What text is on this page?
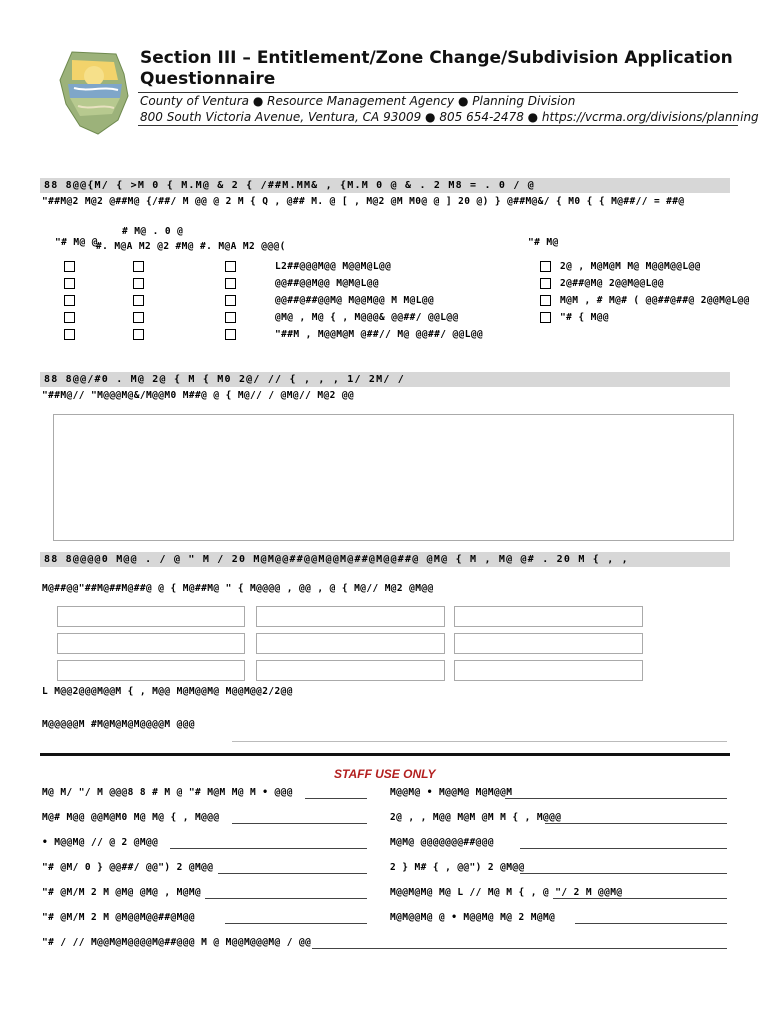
Section III – Entitlement/Zone Change/Subdivision Application
Questionnaire
County of Ventura ● Resource Management Agency ● Planning Division
800 South Victoria Avenue, Ventura, CA 93009 ● 805 654-2478 ● https://vcrma.org/divisions/planning
88 8@@{M/ { >M 0 { M.M@ & 2 { /##M.MM& , {M.M 0 @ & . 2 M8 = . 0 / @
"##M@2 M@2 @##M@ {/##/ M @@ @ 2 M { Q , @## M. @ [ , M@2 @M M0@ @ ] 20 @) } @##M@&/ { M0 { { M@##// = ##@
"# M@ @
# M@ . 0 @
#. M@A M2 @2 #M@ #. M@A M2 @@@(	"# M@
L2##@@@M@@ M@@M@L@@
@@##@@M@@ M@M@L@@
@@##@##@@M@ M@@M@@ M M@L@@
@M@ , M@ { , M@@@& @@##/ @@L@@
"##M , M@@M@M @##// M@ @@##/ @@L@@
2@ , M@M@M M@ M@@M@@L@@
2@##@M@ 2@@M@@L@@
M@M , # M@# ( @@##@##@ 2@@M@L@@
"# { M@@
88 8@@/#0 . M@ 2@ { M { M0 2@/ // { , , , 1/ 2M/ /
"##M@// "M@@@M@&/M@@M0 M##@ @ { M@// / @M@// M@2 @@
88 8@@@@0 M@@ . / @ " M / 20 M@M@@##@@M@@M@##@M@@##@ @M@ { M , M@ @# . 20 M { , ,
M@##@@"##M@##M@##@ @ { M@##M@ " { M@@@@ , @@ , @ { M@// M@2 @M@@
L M@@2@@@M@@M { , M@@ M@M@@M@ M@@M@@2/2@@
M@@@@@M #M@M@M@M@@@@M @@@
STAFF USE ONLY
M@ M/ "/ M @@@8 8 # M @ "# M@M M@ M • @@@
M@# M@@ @@M@M0 M@ M@ { , M@@@
• M@@M@ // @ 2 @M@@
"# @M/ 0 } @@##/ @@") 2 @M@@
"# @M/M 2 M @M@ @M@ , M@M@
"# @M/M 2 M @M@@M@@##@M@@
M@@M@ • M@@M@ M@M@@M
2@ , , M@@ M@M @M M { , M@@@
M@M@ @@@@@@@##@@@
2 } M# { , @@") 2 @M@@
M@@M@M@ M@ L // M@ M { , @ "/ 2 M @@M@
M@M@@M@ @ • M@@M@ M@ 2 M@M@
"# / // M@@M@M@@@@M@##@@@ M @ M@@M@@@M@ / @@
